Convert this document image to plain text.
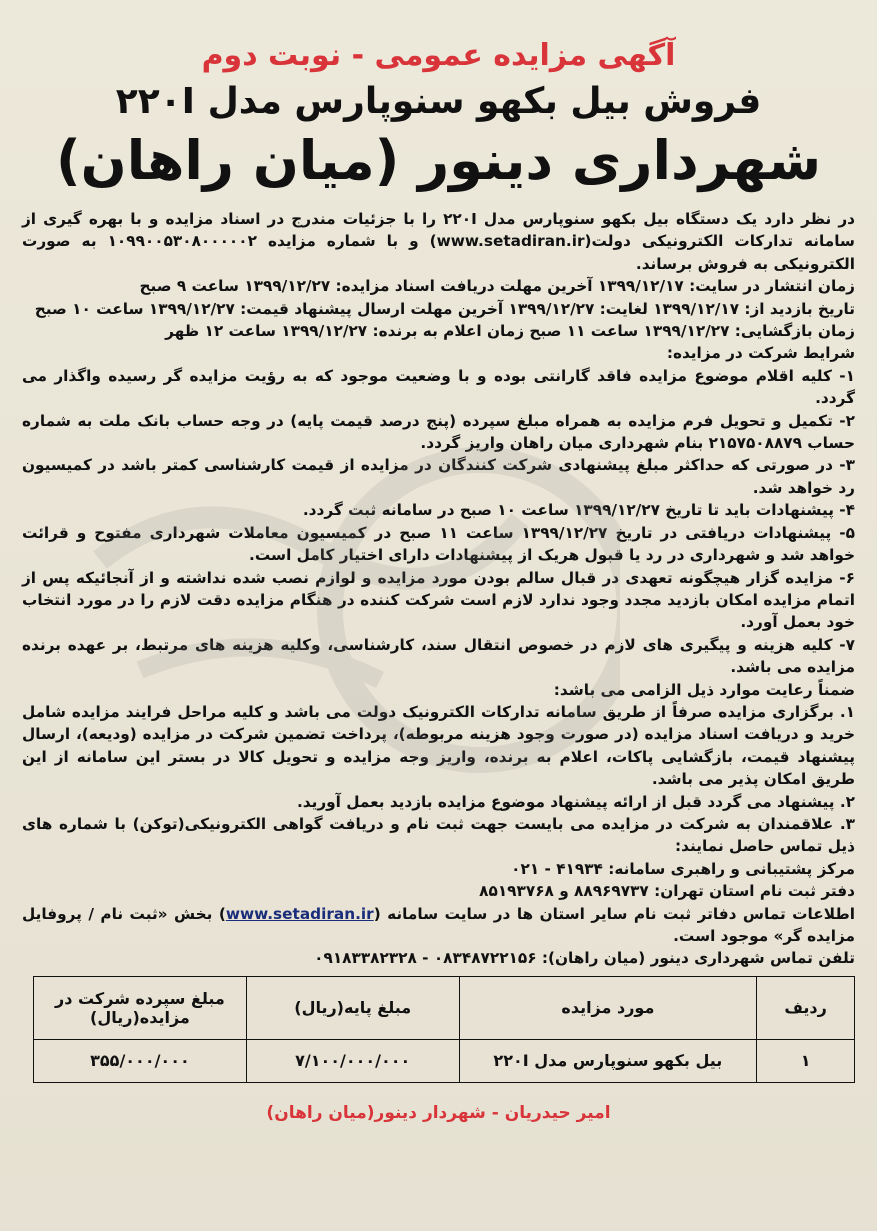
آگهی مزایده عمومی - نوبت دوم
فروش بیل بکهو سنوپارس مدل ۲۲۰I
شهرداری دینور (میان راهان)

در نظر دارد یک دستگاه بیل بکهو سنوپارس مدل ۲۲۰I را با جزئیات مندرج در اسناد مزایده و با بهره گیری از سامانه تدارکات الکترونیکی دولت(www.setadiran.ir) و با شماره مزایده ۱۰۹۹۰۰۵۳۰۸۰۰۰۰۰۲ به صورت الکترونیکی به فروش برساند.

زمان انتشار در سایت: ۱۳۹۹/۱۲/۱۷ آخرین مهلت دریافت اسناد مزایده: ۱۳۹۹/۱۲/۲۷ ساعت ۹ صبح

تاریخ بازدید از: ۱۳۹۹/۱۲/۱۷ لغایت: ۱۳۹۹/۱۲/۲۷ آخرین مهلت ارسال پیشنهاد قیمت: ۱۳۹۹/۱۲/۲۷ ساعت ۱۰ صبح

زمان بازگشایی: ۱۳۹۹/۱۲/۲۷ ساعت ۱۱ صبح زمان اعلام به برنده: ۱۳۹۹/۱۲/۲۷ ساعت ۱۲ ظهر

شرایط شرکت در مزایده:

۱- کلیه اقلام موضوع مزایده فاقد گارانتی بوده و با وضعیت موجود که به رؤیت مزایده گر رسیده واگذار می گردد.

۲- تکمیل و تحویل فرم مزایده به همراه مبلغ سپرده (پنج درصد قیمت پایه) در وجه حساب بانک ملت به شماره حساب ۲۱۵۷۵۰۸۸۷۹ بنام شهرداری میان راهان واریز گردد.

۳- در صورتی که حداکثر مبلغ پیشنهادی شرکت کنندگان در مزایده از قیمت کارشناسی کمتر باشد در کمیسیون رد خواهد شد.

۴- پیشنهادات باید تا تاریخ ۱۳۹۹/۱۲/۲۷ ساعت ۱۰ صبح در سامانه ثبت گردد.

۵- پیشنهادات دریافتی در تاریخ ۱۳۹۹/۱۲/۲۷ ساعت ۱۱ صبح در کمیسیون معاملات شهرداری مفتوح و قرائت خواهد شد و شهرداری در رد یا قبول هریک از پیشنهادات دارای اختیار کامل است.

۶- مزایده گزار هیچگونه تعهدی در قبال سالم بودن مورد مزایده و لوازم نصب شده نداشته و از آنجائیکه پس از اتمام مزایده امکان بازدید مجدد وجود ندارد لازم است شرکت کننده در هنگام مزایده دقت لازم را در مورد انتخاب خود بعمل آورد.

۷- کلیه هزینه و پیگیری های لازم در خصوص انتقال سند، کارشناسی، وکلیه هزینه های مرتبط، بر عهده برنده مزایده می باشد.

ضمناً رعایت موارد ذیل الزامی می باشد:

۱. برگزاری مزایده صرفاً از طریق سامانه تدارکات الکترونیک دولت می باشد و کلیه مراحل فرایند مزایده شامل خرید و دریافت اسناد مزایده (در صورت وجود هزینه مربوطه)، پرداخت تضمین شرکت در مزایده (ودیعه)، ارسال پیشنهاد قیمت، بازگشایی پاکات، اعلام به برنده، واریز وجه مزایده و تحویل کالا در بستر این سامانه از این طریق امکان پذیر می باشد.

۲. پیشنهاد می گردد قبل از ارائه پیشنهاد موضوع مزایده بازدید بعمل آورید.

۳. علاقمندان به شرکت در مزایده می بایست جهت ثبت نام و دریافت گواهی الکترونیکی(توکن) با شماره های ذیل تماس حاصل نمایند:

مرکز پشتیبانی و راهبری سامانه: ۴۱۹۳۴ - ۰۲۱

دفتر ثبت نام استان تهران: ۸۸۹۶۹۷۳۷ و ۸۵۱۹۳۷۶۸

اطلاعات تماس دفاتر ثبت نام سایر استان ها در سایت سامانه (www.setadiran.ir) بخش «ثبت نام / پروفایل مزایده گر» موجود است.

تلفن تماس شهرداری دینور (میان راهان): ۰۸۳۴۸۷۲۲۱۵۶ - ۰۹۱۸۳۳۸۲۳۲۸

ردیف	مورد مزایده	مبلغ پایه(ریال)	مبلغ سپرده شرکت در مزایده(ریال)
۱	بیل بکهو سنوپارس مدل ۲۲۰I	۷/۱۰۰/۰۰۰/۰۰۰	۳۵۵/۰۰۰/۰۰۰
امیر حیدریان - شهردار دینور(میان راهان)
